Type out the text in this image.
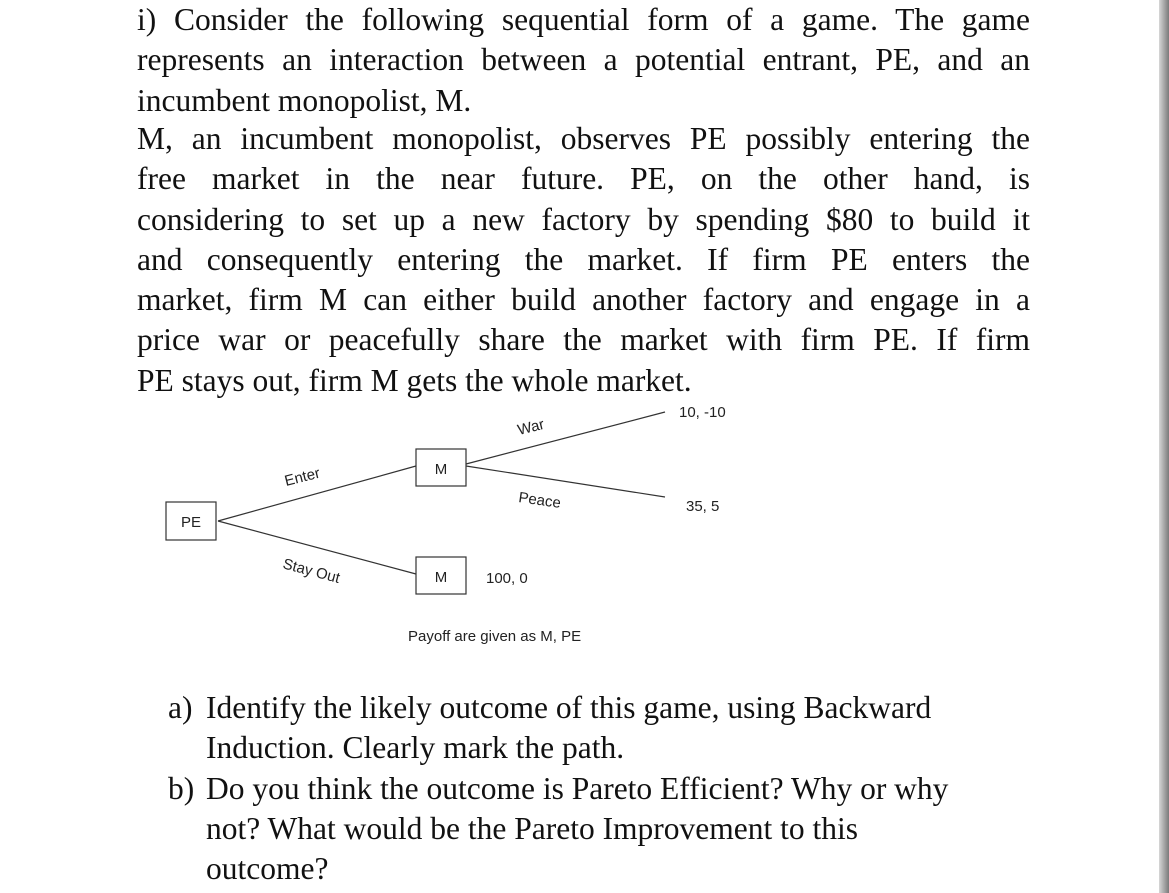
i) Consider the following sequential form of a game. The game
represents an interaction between a potential entrant, PE, and an
incumbent monopolist, M.
M, an incumbent monopolist, observes PE possibly entering the
free market in the near future. PE, on the other hand, is
considering to set up a new factory by spending $80 to build it
and consequently entering the market. If firm PE enters the
market, firm M can either build another factory and engage in a
price war or peacefully share the market with firm PE. If firm
PE stays out, firm M gets the whole market.
PE
M
M
Enter
Stay Out
War
Peace
10, -10
35, 5
100, 0
Payoff are given as M, PE
a) Identify the likely outcome of this game, using Backward
Induction. Clearly mark the path.
b) Do you think the outcome is Pareto Efficient? Why or why
not? What would be the Pareto Improvement to this
outcome?
